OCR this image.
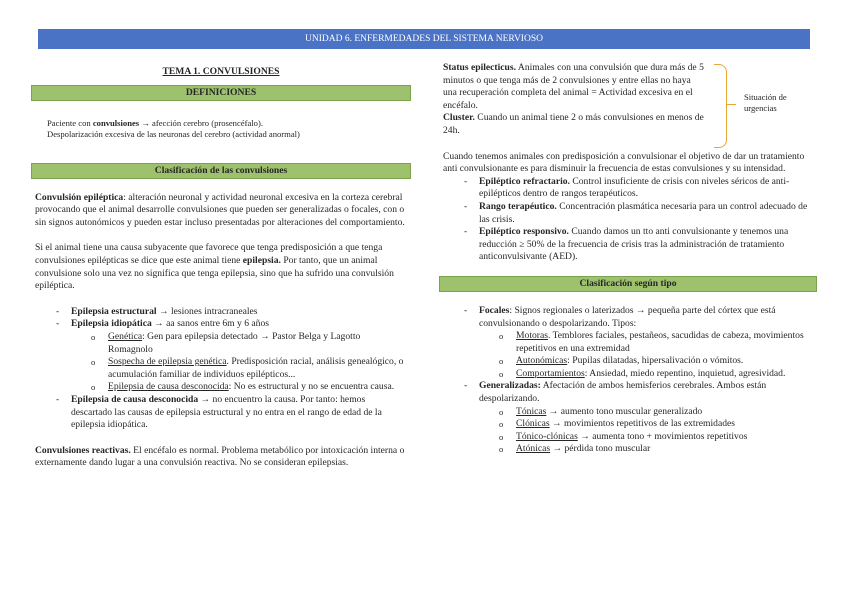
UNIDAD 6. ENFERMEDADES DEL SISTEMA NERVIOSO

TEMA 1. CONVULSIONES

DEFINICIONES

Paciente con convulsiones → afección cerebro (prosencéfalo).

Despolarización excesiva de las neuronas del cerebro (actividad anormal)

Clasificación de las convulsiones

Convulsión epiléptica: alteración neuronal y actividad neuronal excesiva en la corteza cerebral provocando que el animal desarrolle convulsiones que pueden ser generalizadas o focales, con o sin signos autonómicos y pueden estar incluso presentadas por alteraciones del comportamiento.

Si el animal tiene una causa subyacente que favorece que tenga predisposición a que tenga convulsiones epilépticas se dice que este animal tiene epilepsia. Por tanto, que un animal convulsione solo una vez no significa que tenga epilepsia, sino que ha sufrido una convulsión epiléptica.

- Epilepsia estructural → lesiones intracraneales
- Epilepsia idiopática → aa sanos entre 6m y 6 años
o Genética: Gen para epilepsia detectado → Pastor Belga y Lagotto Romagnolo
o Sospecha de epilepsia genética. Predisposición racial, análisis genealógico, o acumulación familiar de individuos epilépticos...
o Epilepsia de causa desconocida: No es estructural y no se encuentra causa.
- Epilepsia de causa desconocida → no encuentro la causa. Por tanto: hemos descartado las causas de epilepsia estructural y no entra en el rango de edad de la epilepsia idiopática.

Convulsiones reactivas. El encéfalo es normal. Problema metabólico por intoxicación interna o externamente dando lugar a una convulsión reactiva. No se consideran epilepsias.

Status epilecticus. Animales con una convulsión que dura más de 5 minutos o que tenga más de 2 convulsiones y entre ellas no haya una recuperación completa del animal = Actividad excesiva en el encéfalo.

Cluster. Cuando un animal tiene 2 o más convulsiones en menos de 24h.

Cuando tenemos animales con predisposición a convulsionar el objetivo de dar un tratamiento anti convulsionante es para disminuir la frecuencia de estas convulsiones y su intensidad.

- Epiléptico refractario. Control insuficiente de crisis con niveles séricos de anti-epilépticos dentro de rangos terapéuticos.
- Rango terapéutico. Concentración plasmática necesaria para un control adecuado de las crisis.
- Epiléptico responsivo. Cuando damos un tto anti convulsionante y tenemos una reducción ≥ 50% de la frecuencia de crisis tras la administración de tratamiento anticonvulsivante (AED).
Clasificación según tipo
- Focales: Signos regionales o laterizados → pequeña parte del córtex que está convulsionando o despolarizando. Tipos:
o Motoras. Temblores faciales, pestañeos, sacudidas de cabeza, movimientos repetitivos en una extremidad
o Autonómicas: Pupilas dilatadas, hipersalivación o vómitos.
o Comportamientos: Ansiedad, miedo repentino, inquietud, agresividad.
- Generalizadas: Afectación de ambos hemisferios cerebrales. Ambos están despolarizando.
o Tónicas → aumento tono muscular generalizado
o Clónicas → movimientos repetitivos de las extremidades
o Tónico-clónicas → aumenta tono + movimientos repetitivos
o Atónicas → pérdida tono muscular
Situación de urgencias
